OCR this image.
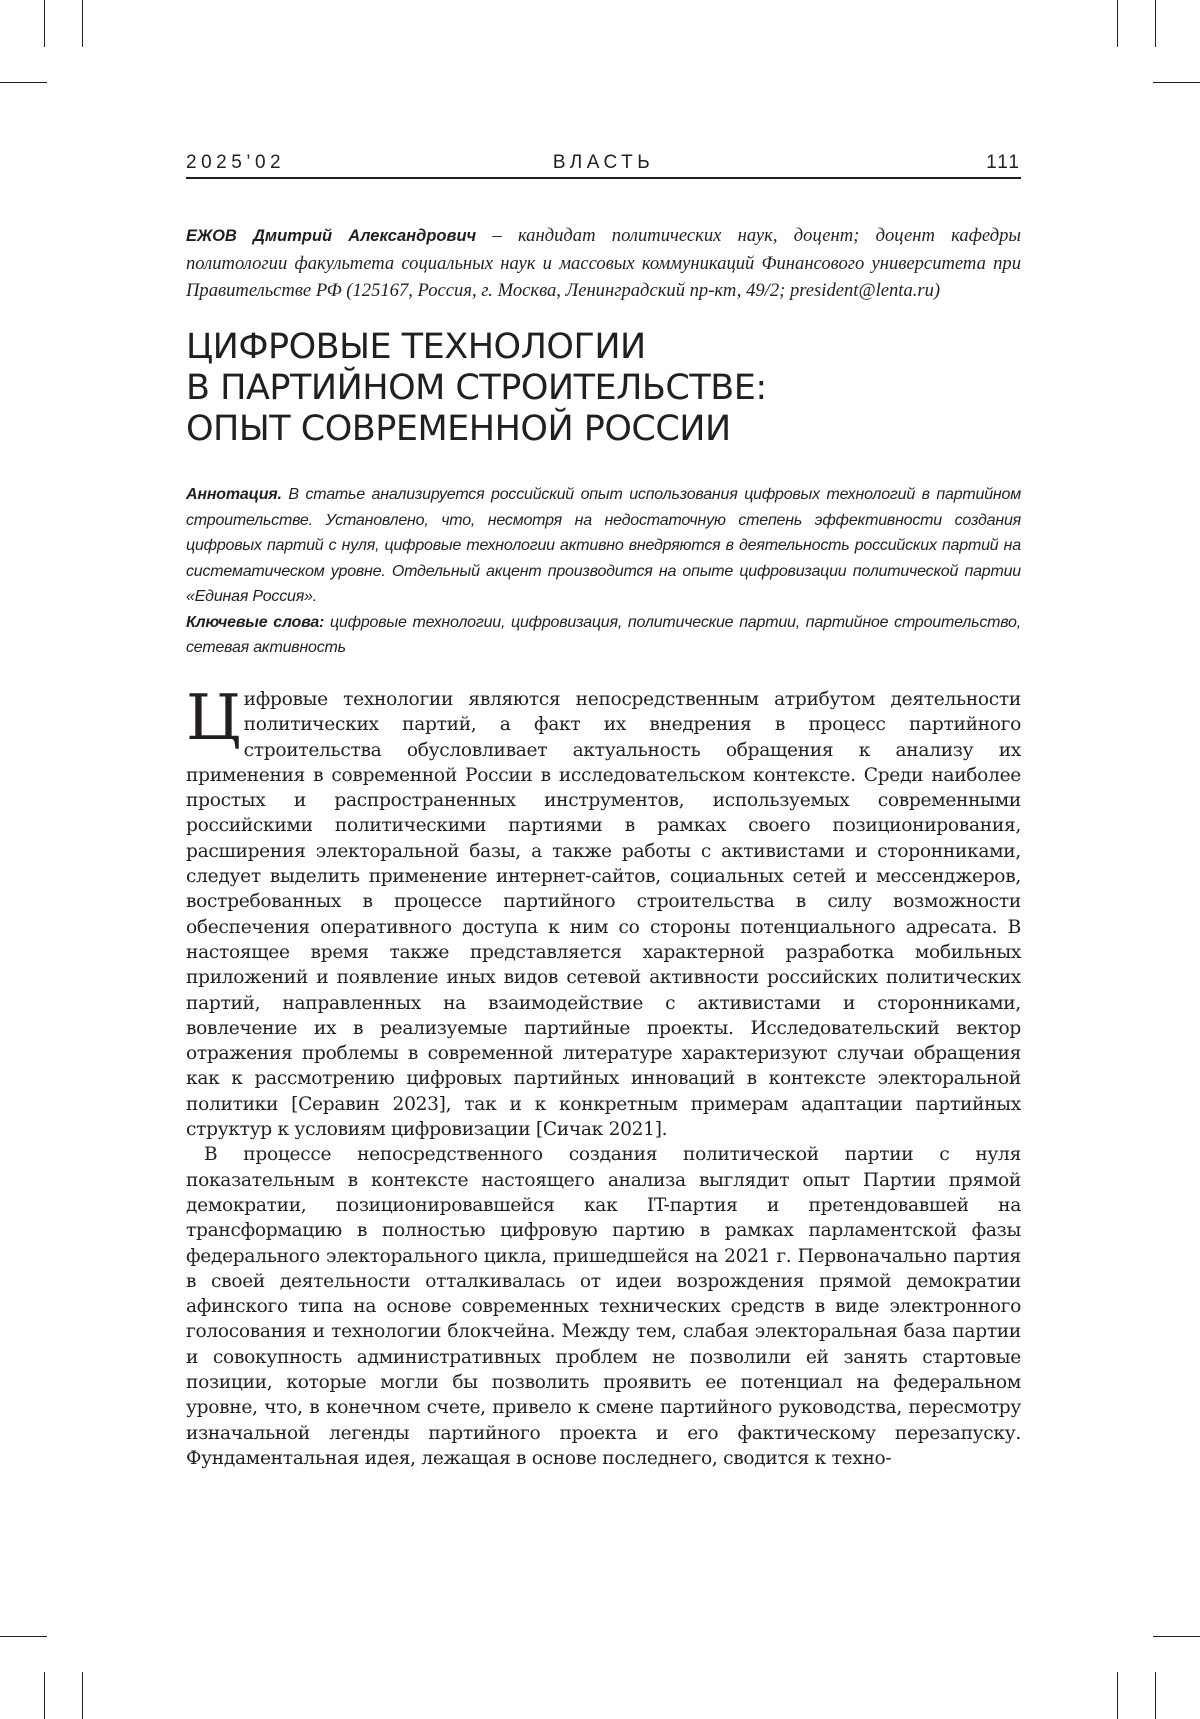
2025’02	ВЛАСТЬ	111
ЕЖОВ Дмитрий Александрович – кандидат политических наук, доцент; доцент кафедры политологии факультета социальных наук и массовых коммуникаций Финансового университета при Правительстве РФ (125167, Россия, г. Москва, Ленинградский пр-кт, 49/2; president@lenta.ru)
ЦИФРОВЫЕ ТЕХНОЛОГИИ
В ПАРТИЙНОМ СТРОИТЕЛЬСТВЕ:
ОПЫТ СОВРЕМЕННОЙ РОССИИ
Аннотация. В статье анализируется российский опыт использования цифровых технологий в партийном строительстве. Установлено, что, несмотря на недостаточную степень эффективности создания цифровых партий с нуля, цифровые технологии активно внедряются в деятельность российских партий на систематическом уровне. Отдельный акцент производится на опыте цифровизации политической партии «Единая Россия».
Ключевые слова: цифровые технологии, цифровизация, политические партии, партийное строительство, сетевая активность

Ц ифровые технологии являются непосредственным атрибутом деятельности политических партий, а факт их внедрения в процесс партийного строительства обусловливает актуальность обращения к анализу их применения в современной России в исследовательском контексте. Среди наиболее простых и распространенных инструментов, используемых современными российскими политическими партиями в рамках своего позиционирования, расширения электоральной базы, а также работы с активистами и сторонниками, следует выделить применение интернет-сайтов, социальных сетей и мессенджеров, востребованных в процессе партийного строительства в силу возможности обеспечения оперативного доступа к ним со стороны потенциального адресата. В настоящее время также представляется характерной разработка мобильных приложений и появление иных видов сетевой активности российских политических партий, направленных на взаимодействие с активистами и сторонниками, вовлечение их в реализуемые партийные проекты. Исследовательский вектор отражения проблемы в современной литературе характеризуют случаи обращения как к рассмотрению цифровых партийных инноваций в контексте электоральной политики [Серавин 2023], так и к конкретным примерам адаптации партийных структур к условиям цифровизации [Сичак 2021].

В процессе непосредственного создания политической партии с нуля показательным в контексте настоящего анализа выглядит опыт Партии прямой демократии, позиционировавшейся как IT-партия и претендовавшей на трансформацию в полностью цифровую партию в рамках парламентской фазы федерального электорального цикла, пришедшейся на 2021 г. Первоначально партия в своей деятельности отталкивалась от идеи возрождения прямой демократии афинского типа на основе современных технических средств в виде электронного голосования и технологии блокчейна. Между тем, слабая электоральная база партии и совокупность административных проблем не позволили ей занять стартовые позиции, которые могли бы позволить проявить ее потенциал на федеральном уровне, что, в конечном счете, привело к смене партийного руководства, пересмотру изначальной легенды партийного проекта и его фактическому перезапуску. Фундаментальная идея, лежащая в основе последнего, сводится к техно-
